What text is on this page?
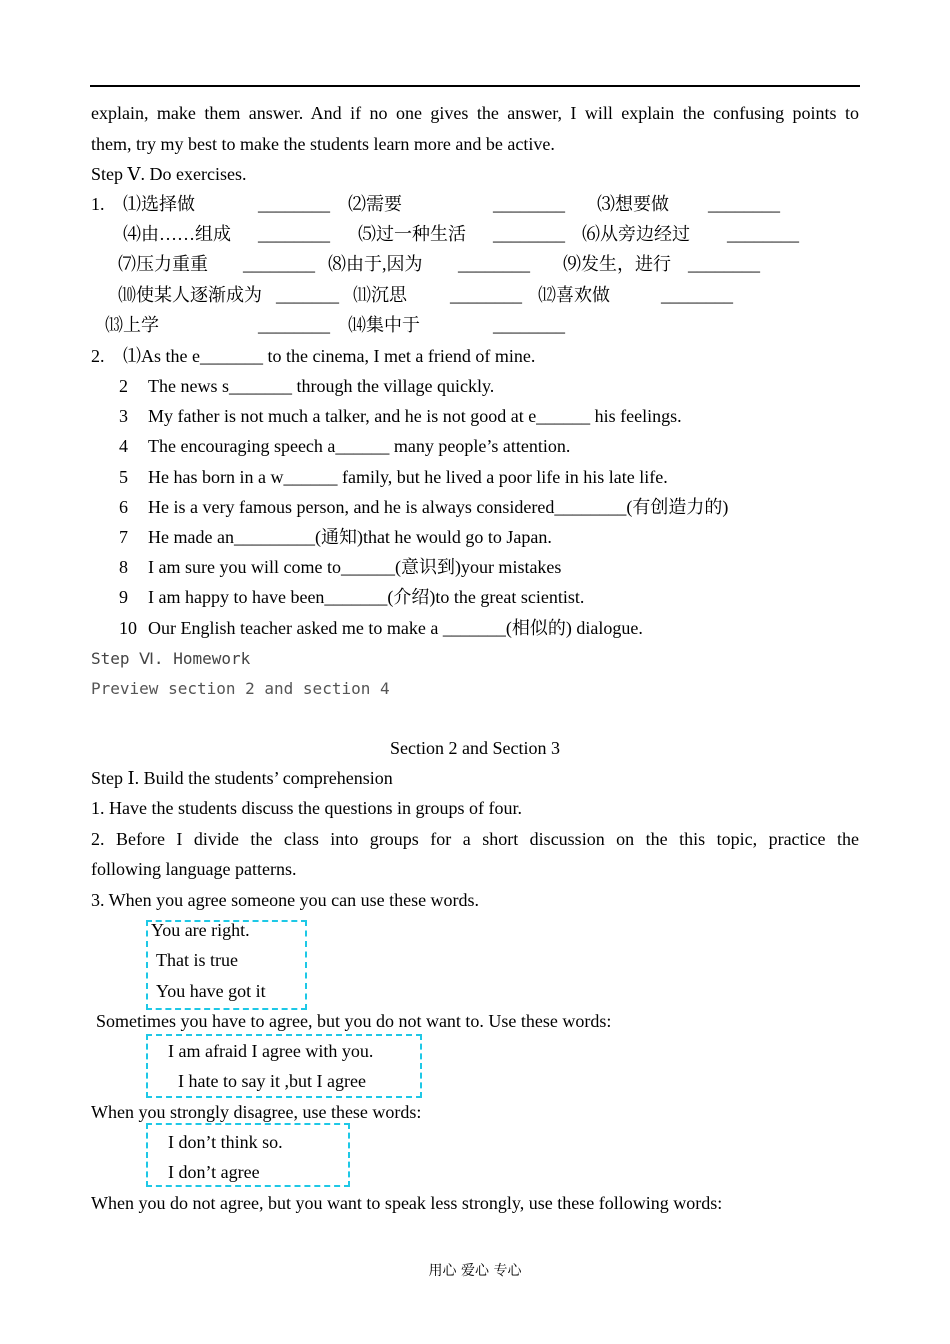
explain, make them answer. And if no one gives the answer, I will explain the confusing points to
them, try my best to make the students learn more and be active.
Step Ⅴ. Do exercises.
1. ⑴选择做	________ ⑵需要	________ ⑶想要做 ________
⑷由……组成 ________ ⑸过一种生活 ________ ⑹从旁边经过 ________
⑺压力重重 ________ ⑻由于,因为 ________ ⑼发生，进行 ________
⑽使某人逐渐成为 _______ ⑾沉思 ________ ⑿喜欢做	________
⒀上学	________ ⒁集中于	________
2. ⑴As the e_______ to the cinema, I met a friend of mine.
2 The news s_______ through the village quickly.
3 My father is not much a talker, and he is not good at e______ his feelings.
4 The encouraging speech a______ many people’s attention.
5 He has born in a w______ family, but he lived a poor life in his late life.
6 He is a very famous person, and he is always considered________(有创造力的)
7 He made an_________(通知)that he would go to Japan.
8 I am sure you will come to______(意识到)your mistakes
9 I am happy to have been_______(介绍)to the great scientist.
10 Our English teacher asked me to make a _______(相似的) dialogue.
Step Ⅵ. Homework
Preview section 2 and section 4
Section 2 and Section 3
Step Ⅰ. Build the students’ comprehension
1. Have the students discuss the questions in groups of four.
2. Before I divide the class into groups for a short discussion on the this topic, practice the
following language patterns.
3. When you agree someone you can use these words.
You are right.
That is true
You have got it
Sometimes you have to agree, but you do not want to. Use these words:
I am afraid I agree with you.
I hate to say it ,but I agree
When you strongly disagree, use these words:
I don’t think so.
I don’t agree
When you do not agree, but you want to speak less strongly, use these following words:
用心 爱心 专心
